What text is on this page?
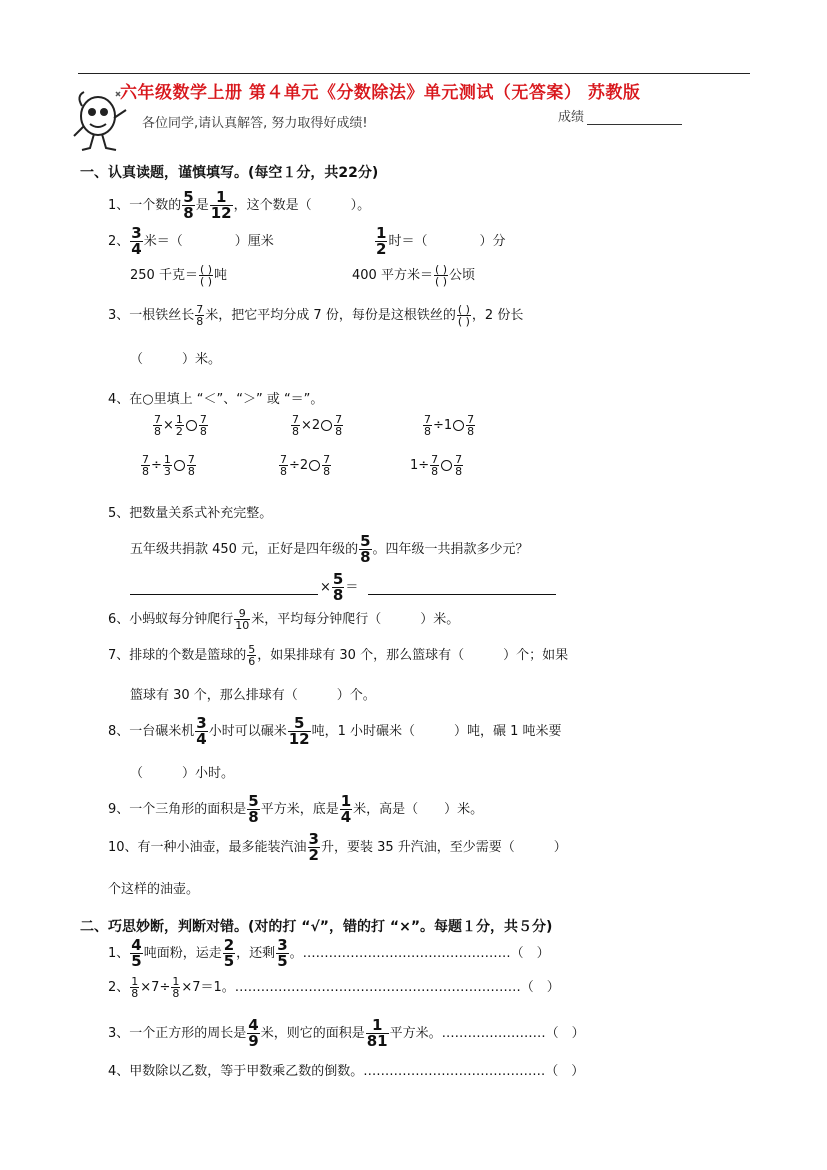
六年级数学上册 第４单元《分数除法》单元测试（无答案） 苏教版
各位同学,请认真解答, 努力取得好成绩!	成绩
一、认真读题，谨慎填写。(每空１分，共22分)
1、一个数的 $\frac{5}{8}$ 是 $\frac{1}{12}$ ，这个数是（　　　）。
2、 $\frac{3}{4}$ 米＝（　　　　）厘米	$\frac{1}{2}$ 时＝（　　　　）分
250 千克＝ $\frac{( )}{( )}$ 吨	400 平方米＝ $\frac{( )}{( )}$ 公顷
3、一根铁丝长 $\frac{7}{8}$ 米，把它平均分成 7 份，每份是这根铁丝的 $\frac{( )}{( )}$ ，2 份长
（　　　）米。
4、在○里填上 “＜”、“＞” 或 “＝”。
$\frac{7}{8} \times \frac{1}{2} \frac{7}{8}$	$\frac{7}{8} \times 2 \frac{7}{8}$	$\frac{7}{8} \div 1 \frac{7}{8}$
$\frac{7}{8} \div \frac{1}{3} \frac{7}{8}$	$\frac{7}{8} \div 2 \frac{7}{8}$	$1\div \frac{7}{8} \frac{7}{8}$
5、把数量关系式补充完整。
五年级共捐款 450 元，正好是四年级的 $\frac{5}{8}$ 。四年级一共捐款多少元？
× $\frac{5}{8}$ ＝
6、小蚂蚁每分钟爬行 $\frac{9}{10}$ 米，平均每分钟爬行（　　　）米。
7、排球的个数是篮球的 $\frac{5}{6}$ ，如果排球有 30 个，那么篮球有（　　　）个；如果
篮球有 30 个，那么排球有（　　　）个。
8、一台碾米机 $\frac{3}{4}$ 小时可以碾米 $\frac{5}{12}$ 吨，1 小时碾米（　　　）吨，碾 1 吨米要
（　　　）小时。
9、一个三角形的面积是 $\frac{5}{8}$ 平方米，底是 $\frac{1}{4}$ 米，高是（　　）米。
10、有一种小油壶，最多能装汽油 $\frac{3}{2}$ 升，要装 35 升汽油，至少需要（　　　）
个这样的油壶。
二、巧思妙断，判断对错。(对的打 “√”，错的打 “×”。每题１分，共５分)
1、 $\frac{4}{5}$ 吨面粉，运走 $\frac{2}{5}$ ，还剩 $\frac{3}{5}$ 。…………………………………………（　）
2、 $\frac{1}{8} \times 7\div \frac{1}{8} \times 7=1$。…………………………………………………………（　）
3、一个正方形的周长是 $\frac{4}{9}$ 米，则它的面积是 $\frac{1}{81}$ 平方米。……………………（　）
4、甲数除以乙数，等于甲数乘乙数的倒数。……………………………………（　）
